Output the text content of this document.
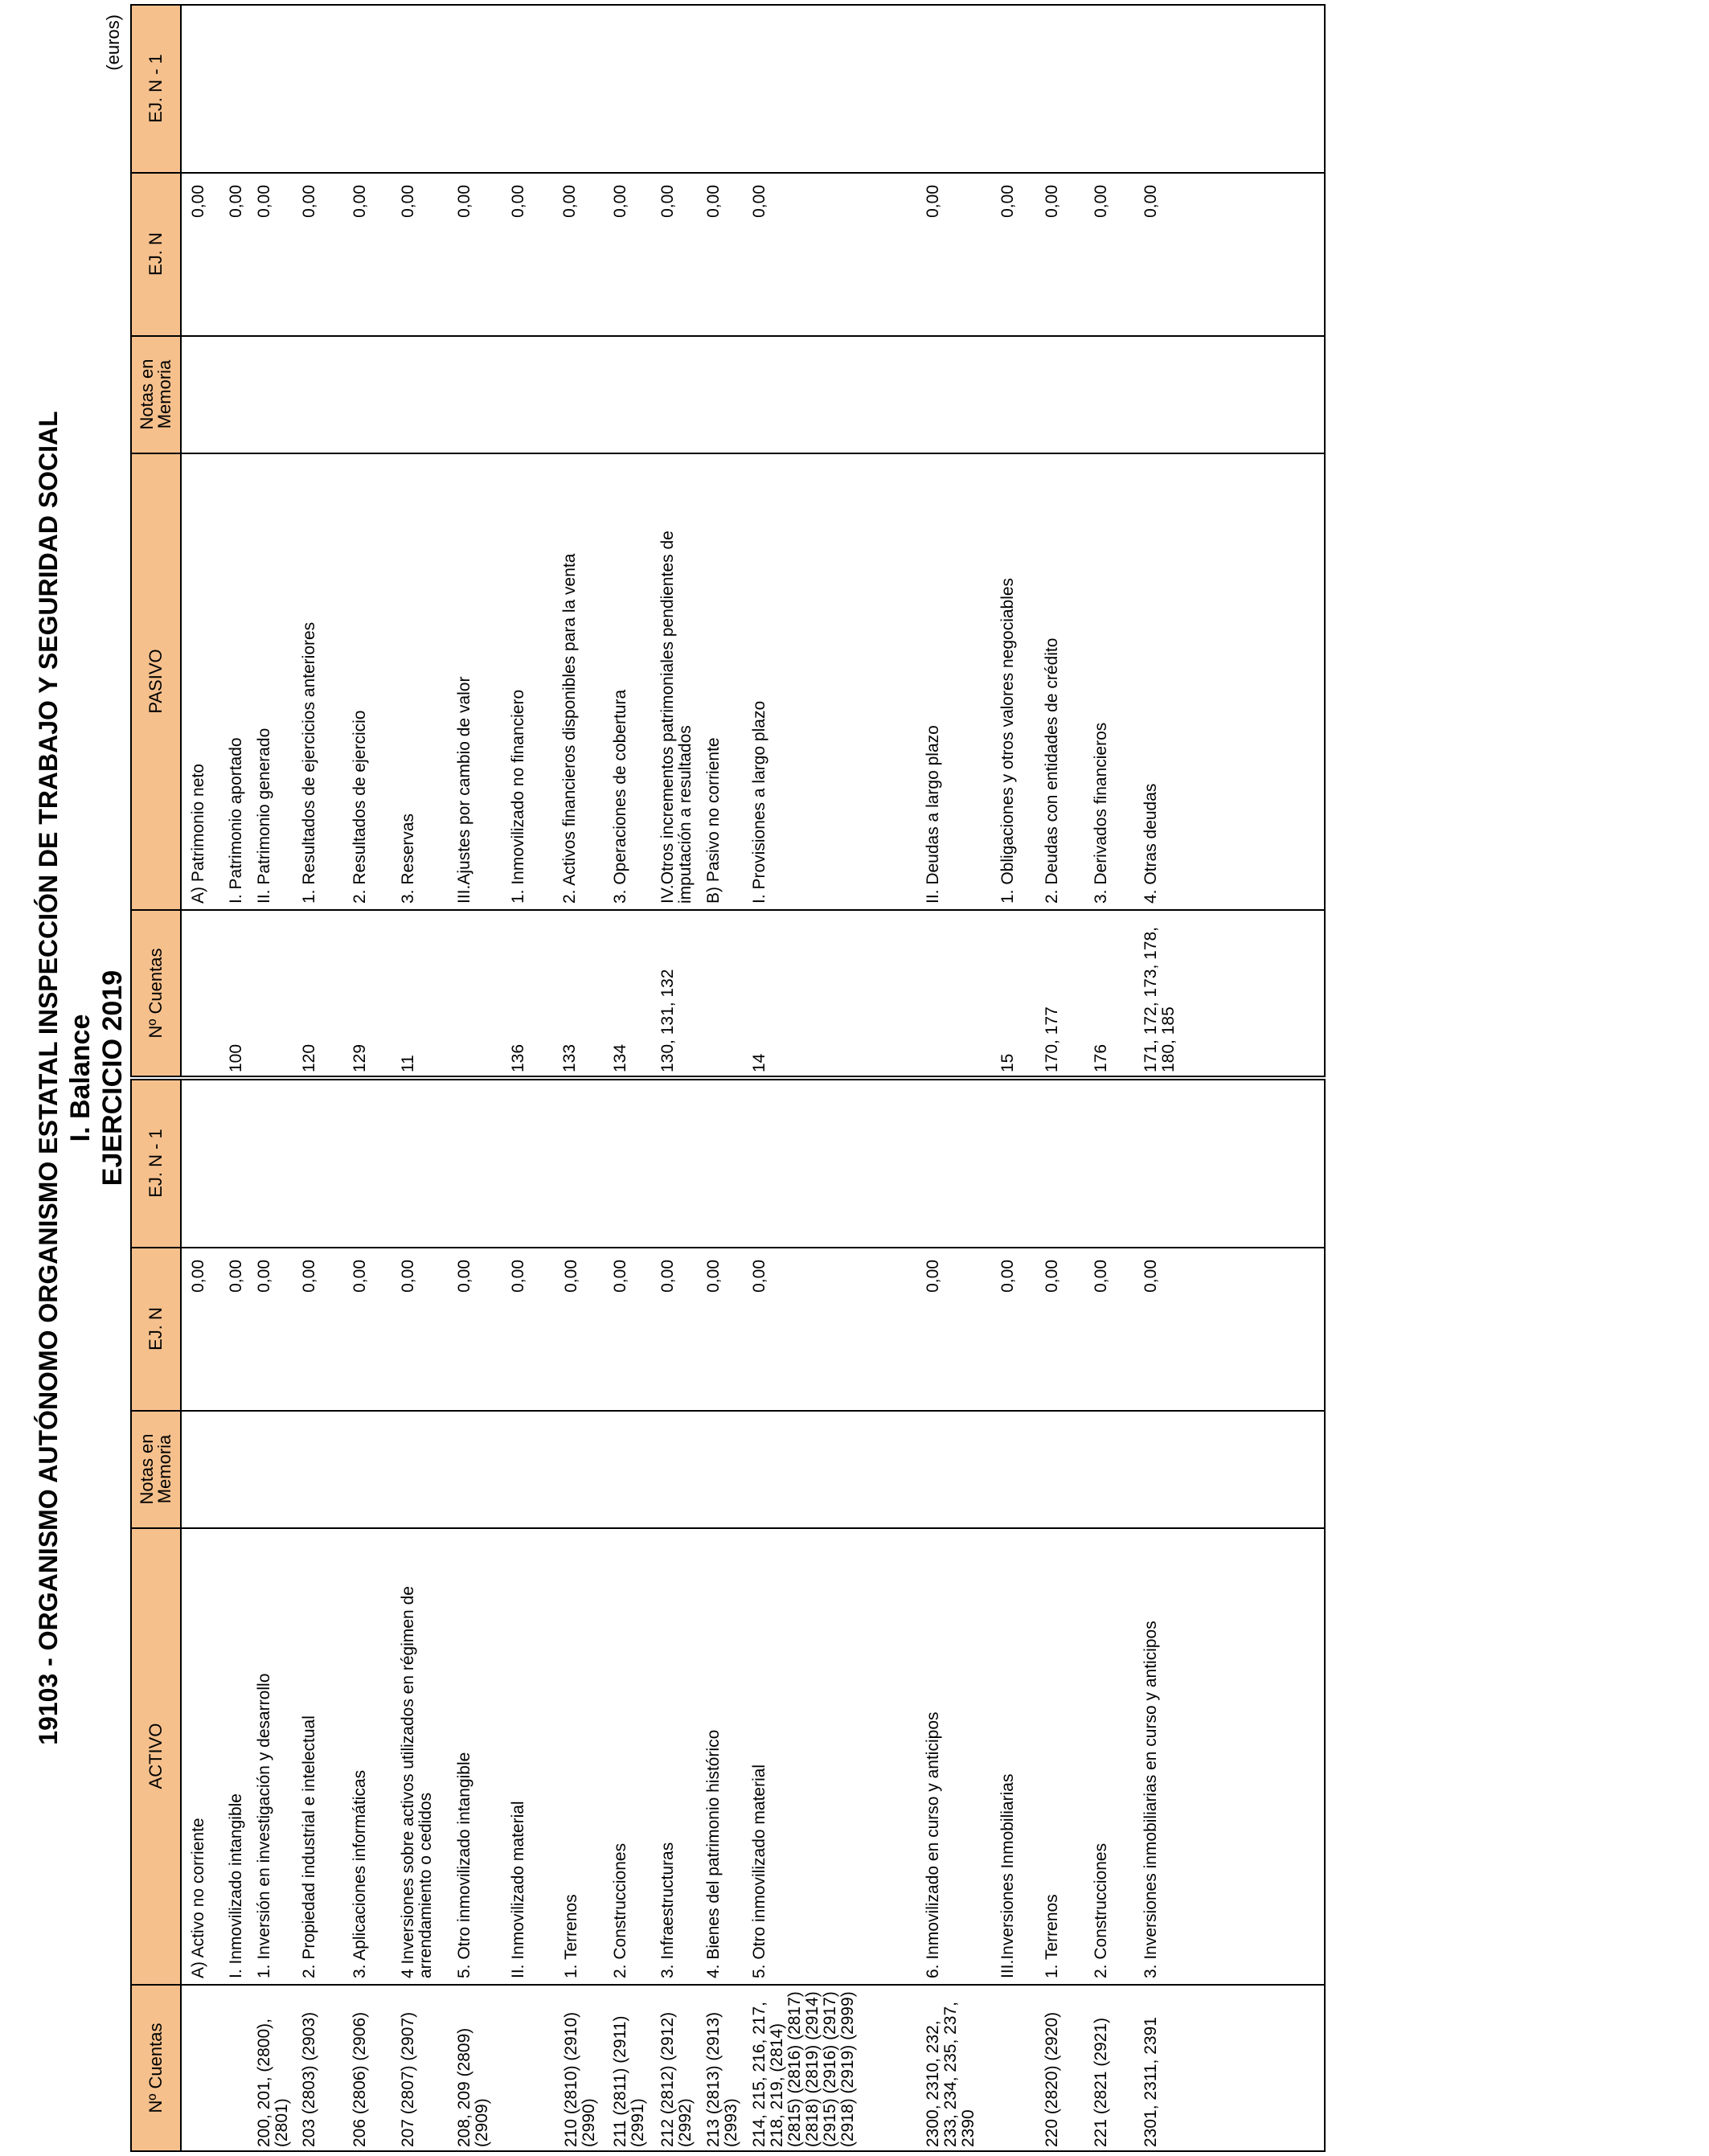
19103 - ORGANISMO AUTÓNOMO ORGANISMO ESTATAL INSPECCIÓN DE TRABAJO Y SEGURIDAD SOCIAL I. Balance EJERCICIO 2019
(euros)
Nº Cuentas
ACTIVO
Notas en Memoria
EJ. N
EJ. N - 1
A) Activo no corriente
0,00
I. Inmovilizado intangible
0,00
200, 201, (2800), (2801)
1. Inversión en investigación y desarrollo
0,00
203 (2803) (2903)
2. Propiedad industrial e intelectual
0,00
206 (2806) (2906)
3. Aplicaciones informáticas
0,00
207 (2807) (2907)
4 Inversiones sobre activos utilizados en régimen de arrendamiento o cedidos
0,00
208, 209 (2809) (2909)
5. Otro inmovilizado intangible
0,00
II. Inmovilizado material
0,00
210 (2810) (2910) (2990)
1. Terrenos
0,00
211 (2811) (2911) (2991)
2. Construcciones
0,00
212 (2812) (2912) (2992)
3. Infraestructuras
0,00
213 (2813) (2913) (2993)
4. Bienes del patrimonio histórico
0,00
214, 215, 216, 217, 218, 219, (2814) (2815) (2816) (2817) (2818) (2819) (2914) (2915) (2916) (2917) (2918) (2919) (2999)
5. Otro inmovilizado material
0,00
2300, 2310, 232, 233, 234, 235, 237, 2390
6. Inmovilizado en curso y anticipos
0,00
III.Inversiones Inmobiliarias
0,00
220 (2820) (2920)
1. Terrenos
0,00
221 (2821 (2921)
2. Construcciones
0,00
2301, 2311, 2391
3. Inversiones inmobiliarias en curso y anticipos
0,00
Nº Cuentas
PASIVO
Notas en Memoria
EJ. N
EJ. N - 1
A) Patrimonio neto
0,00
100
I. Patrimonio aportado
0,00
II. Patrimonio generado
0,00
120
1. Resultados de ejercicios anteriores
0,00
129
2. Resultados de ejercicio
0,00
11
3. Reservas
0,00
III.Ajustes por cambio de valor
0,00
136
1. Inmovilizado no financiero
0,00
133
2. Activos financieros disponibles para la venta
0,00
134
3. Operaciones de cobertura
0,00
130, 131, 132
IV.Otros incrementos patrimoniales pendientes de imputación a resultados
0,00
B) Pasivo no corriente
0,00
14
I. Provisiones a largo plazo
0,00
II. Deudas a largo plazo
0,00
15
1. Obligaciones y otros valores negociables
0,00
170, 177
2. Deudas con entidades de crédito
0,00
176
3. Derivados financieros
0,00
171, 172, 173, 178, 180, 185
4. Otras deudas
0,00
